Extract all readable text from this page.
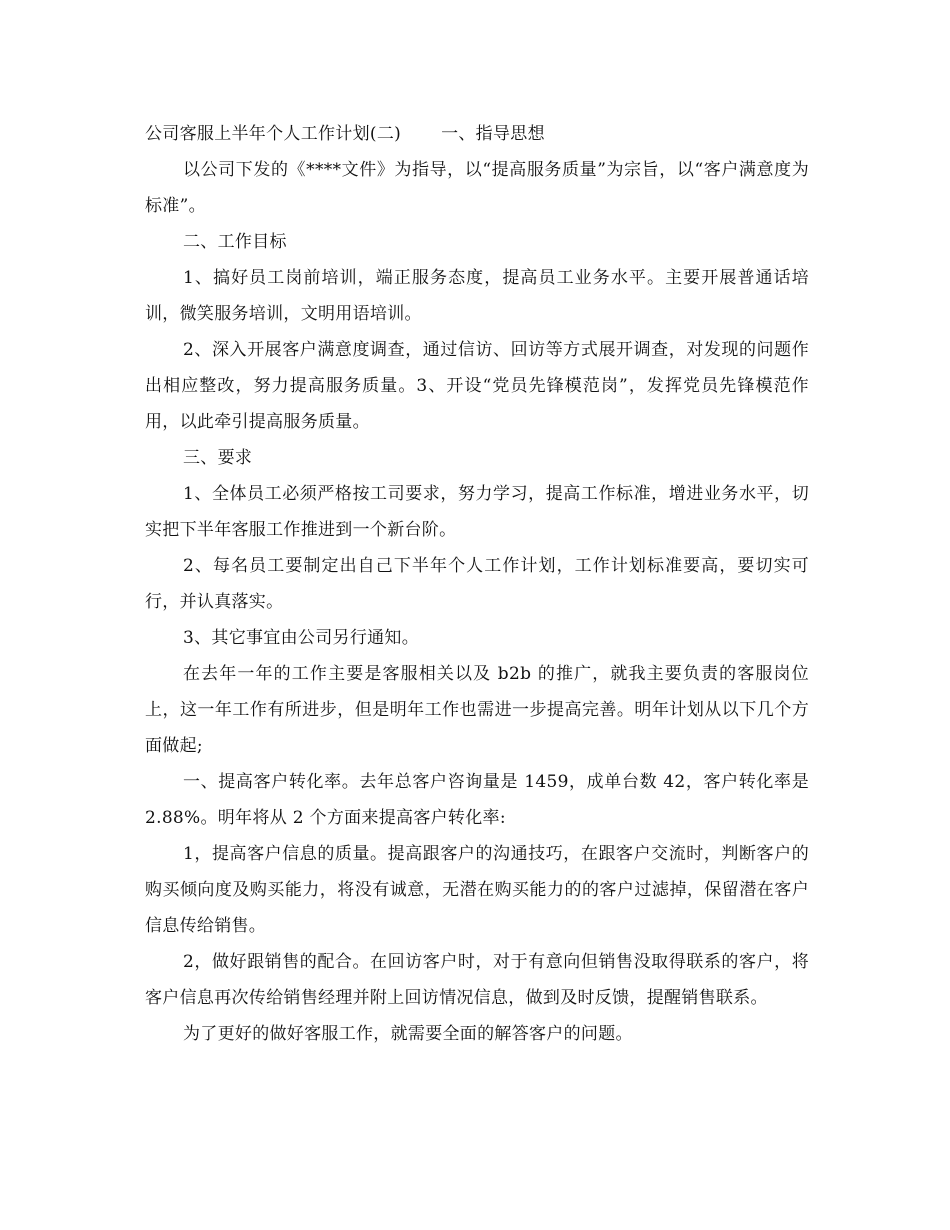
公司客服上半年个人工作计划(二) 一、指导思想

以公司下发的《****文件》为指导，以“提高服务质量”为宗旨，以“客户满意度为标准”。

二、工作目标

1、搞好员工岗前培训，端正服务态度，提高员工业务水平。主要开展普通话培训，微笑服务培训，文明用语培训。

2、深入开展客户满意度调查，通过信访、回访等方式展开调查，对发现的问题作出相应整改，努力提高服务质量。3、开设“党员先锋模范岗”，发挥党员先锋模范作用，以此牵引提高服务质量。

三、要求

1、全体员工必须严格按工司要求，努力学习，提高工作标准，增进业务水平，切实把下半年客服工作推进到一个新台阶。

2、每名员工要制定出自己下半年个人工作计划，工作计划标准要高，要切实可行，并认真落实。

3、其它事宜由公司另行通知。

在去年一年的工作主要是客服相关以及 b2b 的推广，就我主要负责的客服岗位上，这一年工作有所进步，但是明年工作也需进一步提高完善。明年计划从以下几个方面做起;

一、提高客户转化率。去年总客户咨询量是 1459，成单台数 42，客户转化率是 2.88%。明年将从 2 个方面来提高客户转化率:

1，提高客户信息的质量。提高跟客户的沟通技巧，在跟客户交流时，判断客户的购买倾向度及购买能力，将没有诚意，无潜在购买能力的的客户过滤掉，保留潜在客户信息传给销售。

2，做好跟销售的配合。在回访客户时，对于有意向但销售没取得联系的客户，将客户信息再次传给销售经理并附上回访情况信息，做到及时反馈，提醒销售联系。

为了更好的做好客服工作，就需要全面的解答客户的问题。
